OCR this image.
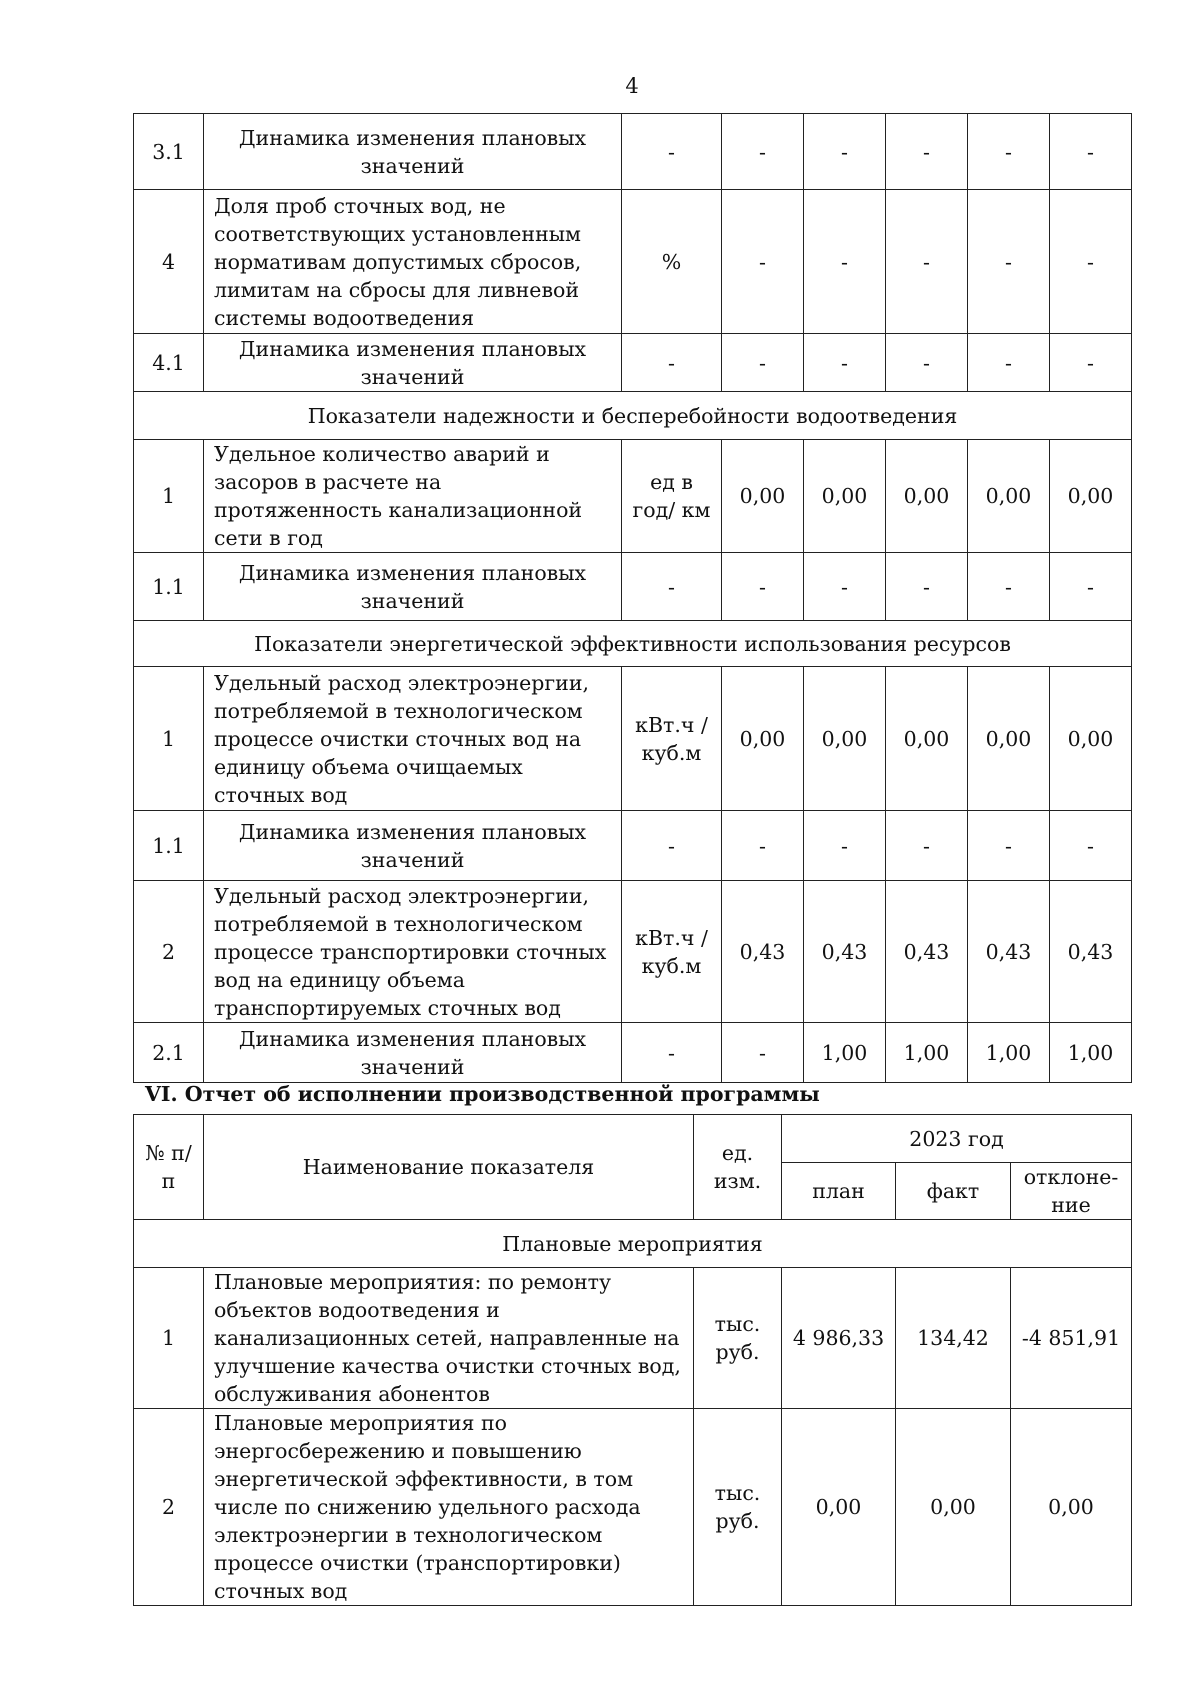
4
3.1	Динамика изменения плановых значений	-	-	-	-	-	-
4	Доля проб сточных вод, не соответствующих установленным нормативам допустимых сбросов, лимитам на сбросы для ливневой системы водоотведения	%	-	-	-	-	-
4.1	Динамика изменения плановых значений	-	-	-	-	-	-
Показатели надежности и бесперебойности водоотведения							
1	Удельное количество аварий и засоров в расчете на протяженность канализационной сети в год	ед в год/ км	0,00	0,00	0,00	0,00	0,00
1.1	Динамика изменения плановых значений	-	-	-	-	-	-
Показатели энергетической эффективности использования ресурсов							
1	Удельный расход электроэнергии, потребляемой в технологическом процессе очистки сточных вод на единицу объема очищаемых сточных вод	кВт.ч / куб.м	0,00	0,00	0,00	0,00	0,00
1.1	Динамика изменения плановых значений	-	-	-	-	-	-
2	Удельный расход электроэнергии, потребляемой в технологическом процессе транспортировки сточных вод на единицу объема транспортируемых сточных вод	кВт.ч / куб.м	0,43	0,43	0,43	0,43	0,43
2.1	Динамика изменения плановых значений	-	-	1,00	1,00	1,00	1,00
VI. Отчет об исполнении производственной программы
№ п/п	Наименование показателя	ед. изм.	2023 год		
			план	факт	отклоне-ние
Плановые мероприятия					
1	Плановые мероприятия: по ремонту объектов водоотведения и канализационных сетей, направленные на улучшение качества очистки сточных вод, обслуживания абонентов	тыс. руб.	4 986,33	134,42	-4 851,91
2	Плановые мероприятия по энергосбережению и повышению энергетической эффективности, в том числе по снижению удельного расхода электроэнергии в технологическом процессе очистки (транспортировки) сточных вод	тыс. руб.	0,00	0,00	0,00
